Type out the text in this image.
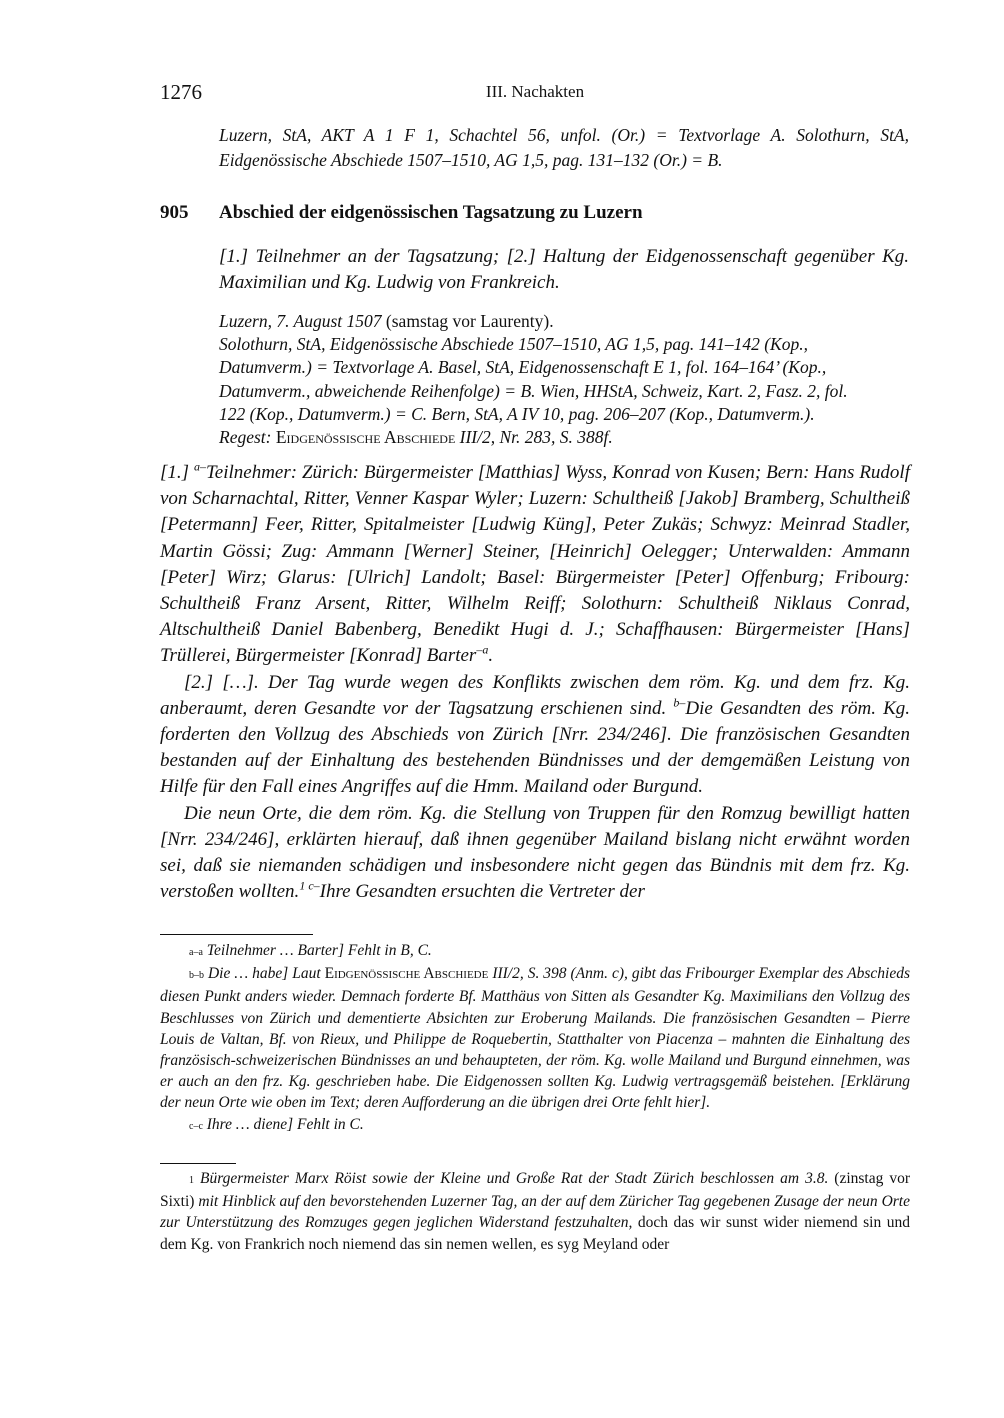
1276	III. Nachakten
Luzern, StA, AKT A 1 F 1, Schachtel 56, unfol. (Or.) = Textvorlage A. Solothurn, StA, Eidgenössische Abschiede 1507–1510, AG 1,5, pag. 131–132 (Or.) = B.
905 Abschied der eidgenössischen Tagsatzung zu Luzern
[1.] Teilnehmer an der Tagsatzung; [2.] Haltung der Eidgenossenschaft gegenüber Kg. Maximilian und Kg. Ludwig von Frankreich.
Luzern, 7. August 1507 (samstag vor Laurenty).
Solothurn, StA, Eidgenössische Abschiede 1507–1510, AG 1,5, pag. 141–142 (Kop.,
Datumverm.) = Textvorlage A. Basel, StA, Eidgenossenschaft E 1, fol. 164–164’ (Kop.,
Datumverm., abweichende Reihenfolge) = B. Wien, HHStA, Schweiz, Kart. 2, Fasz. 2, fol.
122 (Kop., Datumverm.) = C. Bern, StA, A IV 10, pag. 206–207 (Kop., Datumverm.).
Regest: Eidgenössische Abschiede III/2, Nr. 283, S. 388f.

[1.] $^{a-}$Teilnehmer: Zürich: Bürgermeister [Matthias] Wyss, Konrad von Kusen; Bern: Hans Rudolf von Scharnachtal, Ritter, Venner Kaspar Wyler; Luzern: Schultheiß [Jakob] Bramberg, Schultheiß [Petermann] Feer, Ritter, Spitalmeister [Ludwig Küng], Peter Zukäs; Schwyz: Meinrad Stadler, Martin Gössi; Zug: Ammann [Werner] Steiner, [Heinrich] Oelegger; Unterwalden: Ammann [Peter] Wirz; Glarus: [Ulrich] Landolt; Basel: Bürgermeister [Peter] Offenburg; Fribourg: Schultheiß Franz Arsent, Ritter, Wilhelm Reiff; Solothurn: Schultheiß Niklaus Conrad, Altschultheiß Daniel Babenberg, Benedikt Hugi d. J.; Schaffhausen: Bürgermeister [Hans] Trüllerei, Bürgermeister [Konrad] Barter$^{-a}$.

[2.] […]. Der Tag wurde wegen des Konflikts zwischen dem röm. Kg. und dem frz. Kg. anberaumt, deren Gesandte vor der Tagsatzung erschienen sind. $^{b-}$Die Gesandten des röm. Kg. forderten den Vollzug des Abschieds von Zürich [Nrr. 234/246]. Die französischen Gesandten bestanden auf der Einhaltung des bestehenden Bündnisses und der demgemäßen Leistung von Hilfe für den Fall eines Angriffes auf die Hmm. Mailand oder Burgund.

Die neun Orte, die dem röm. Kg. die Stellung von Truppen für den Romzug bewilligt hatten [Nrr. 234/246], erklärten hierauf, daß ihnen gegenüber Mailand bislang nicht erwähnt worden sei, daß sie niemanden schädigen und insbesondere nicht gegen das Bündnis mit dem frz. Kg. verstoßen wollten.$^1$ $^{c-}$Ihre Gesandten ersuchten die Vertreter der

a–a Teilnehmer … Barter] Fehlt in B, C.

b–b Die … habe] Laut Eidgenössische Abschiede III/2, S. 398 (Anm. c), gibt das Fribourger Exemplar des Abschieds diesen Punkt anders wieder. Demnach forderte Bf. Matthäus von Sitten als Gesandter Kg. Maximilians den Vollzug des Beschlusses von Zürich und dementierte Absichten zur Eroberung Mailands. Die französischen Gesandten – Pierre Louis de Valtan, Bf. von Rieux, und Philippe de Roquebertin, Statthalter von Piacenza – mahnten die Einhaltung des französisch-schweizerischen Bündnisses an und behaupteten, der röm. Kg. wolle Mailand und Burgund einnehmen, was er auch an den frz. Kg. geschrieben habe. Die Eidgenossen sollten Kg. Ludwig vertragsgemäß beistehen. [Erklärung der neun Orte wie oben im Text; deren Aufforderung an die übrigen drei Orte fehlt hier].

c–c Ihre … diene] Fehlt in C.

1 Bürgermeister Marx Röist sowie der Kleine und Große Rat der Stadt Zürich beschlossen am 3.8. (zinstag vor Sixti) mit Hinblick auf den bevorstehenden Luzerner Tag, an der auf dem Züricher Tag gegebenen Zusage der neun Orte zur Unterstützung des Romzuges gegen jeglichen Widerstand festzuhalten, doch das wir sunst wider niemend sin und dem Kg. von Frankrich noch niemend das sin nemen wellen, es syg Meyland oder
